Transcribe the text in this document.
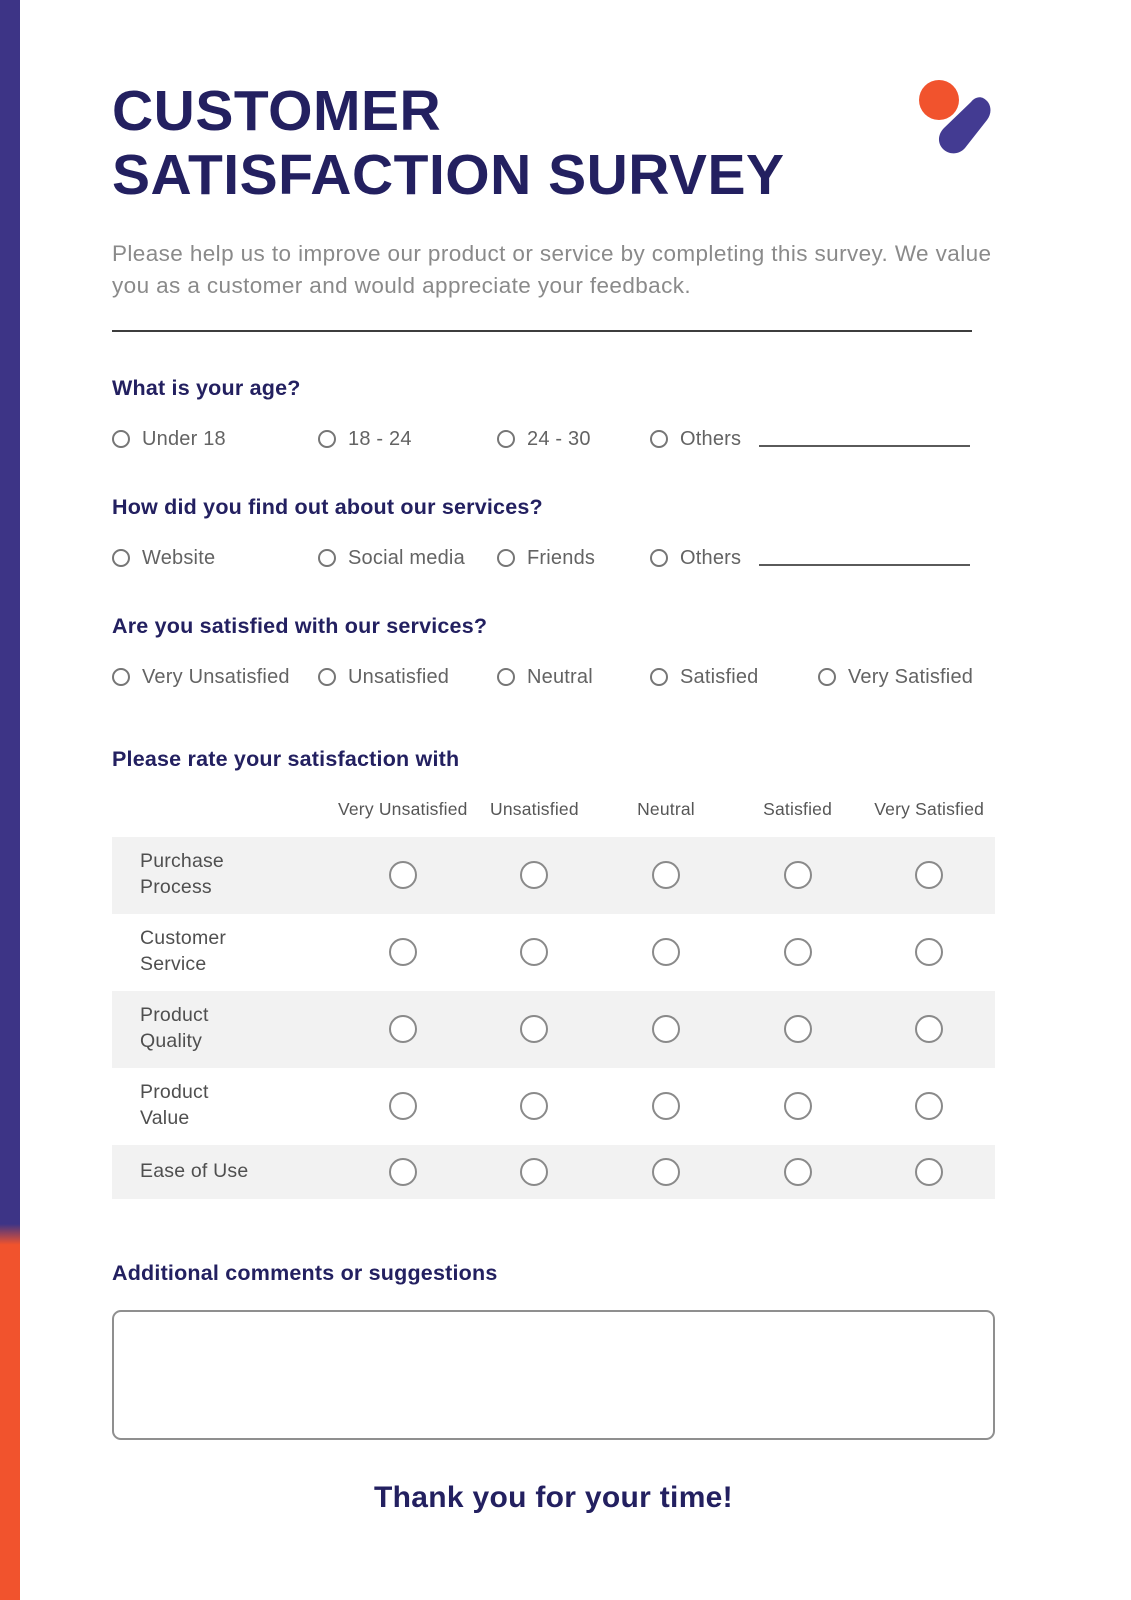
CUSTOMER
SATISFACTION SURVEY

Please help us to improve our product or service by completing this survey. We value you as a customer and would appreciate your feedback.

What is your age?
Under 18	18 - 24	24 - 30	Others
How did you find out about our services?
Website	Social media	Friends	Others
Are you satisfied with our services?
Very Unsatisfied	Unsatisfied	Neutral	Satisfied	Very Satisfied
Please rate your satisfaction with
Very Unsatisfied	Unsatisfied	Neutral	Satisfied	Very Satisfied
Purchase Process
Customer Service
Product Quality
Product Value
Ease of Use
Additional comments or suggestions
Thank you for your time!
